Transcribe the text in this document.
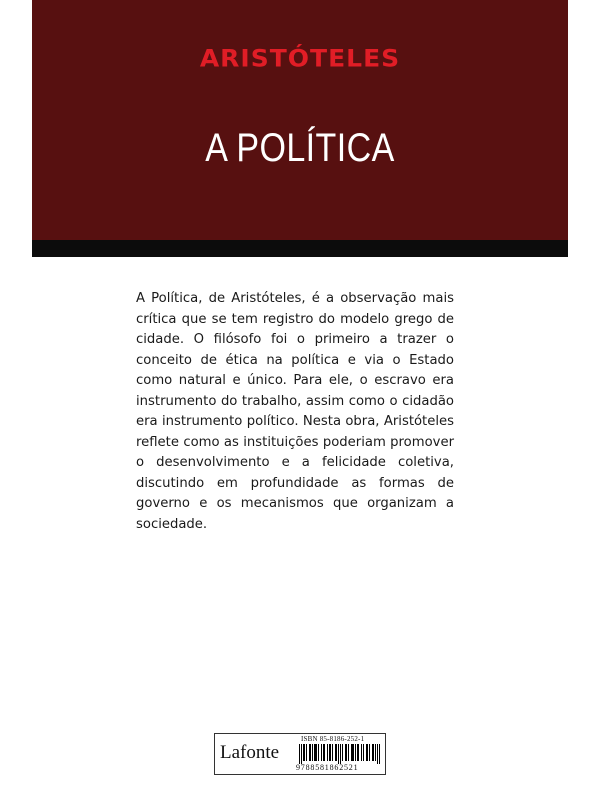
ARISTÓTELES
A POLÍTICA

A Política, de Aristóteles, é a observação mais crítica que se tem registro do modelo grego de cidade. O filósofo foi o primeiro a trazer o conceito de ética na política e via o Estado como natural e único. Para ele, o escravo era instrumento do trabalho, assim como o cidadão era instrumento político. Nesta obra, Aristóteles reflete como as instituições poderiam promover o desenvolvimento e a felicidade coletiva, discutindo em profundidade as formas de governo e os mecanismos que organizam a sociedade.

Lafonte
ISBN 85-8186-252-1
9788581862521
